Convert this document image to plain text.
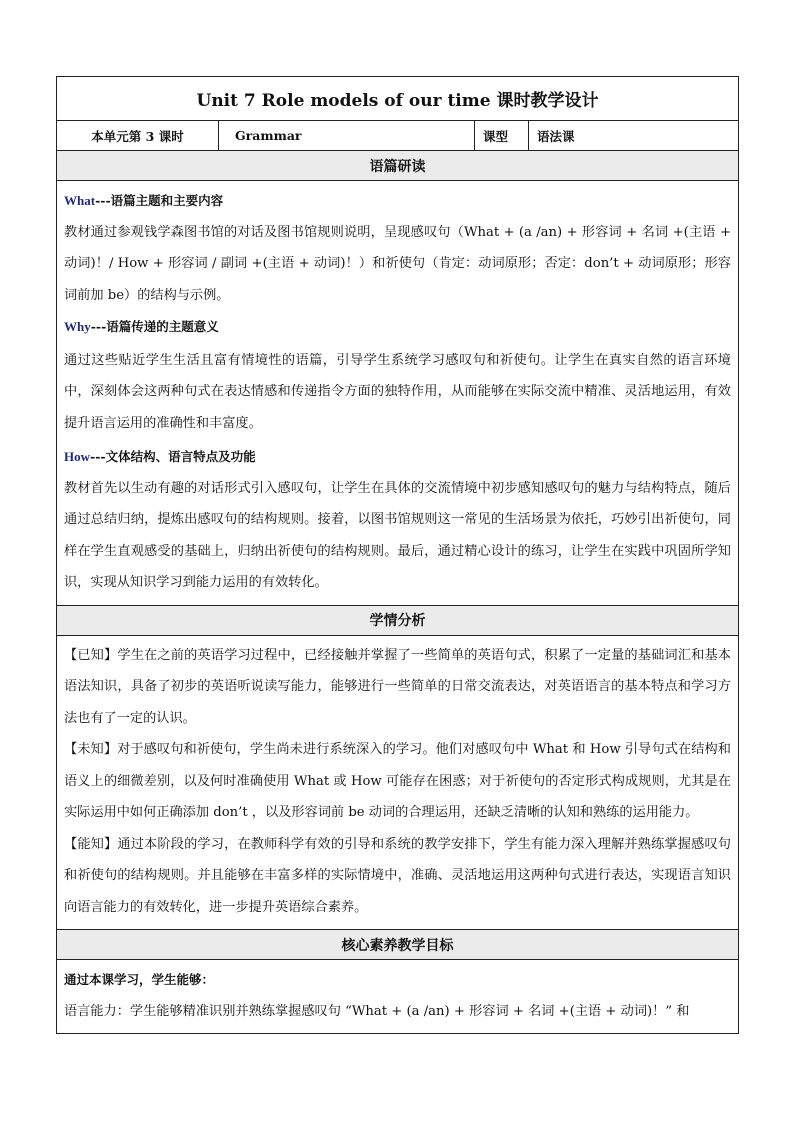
Unit 7 Role models of our time 课时教学设计
本单元第 3 课时	Grammar	课型	语法课
语篇研读

What---语篇主题和主要内容

教材通过参观钱学森图书馆的对话及图书馆规则说明，呈现感叹句（What + (a /an) + 形容词 + 名词 +(主语 + 动词)！/ How + 形容词 / 副词 +(主语 + 动词)！）和祈使句（肯定：动词原形；否定：don’t + 动词原形；形容词前加 be）的结构与示例。

Why---语篇传递的主题意义

通过这些贴近学生生活且富有情境性的语篇，引导学生系统学习感叹句和祈使句。让学生在真实自然的语言环境中，深刻体会这两种句式在表达情感和传递指令方面的独特作用，从而能够在实际交流中精准、灵活地运用，有效提升语言运用的准确性和丰富度。

How---文体结构、语言特点及功能

教材首先以生动有趣的对话形式引入感叹句，让学生在具体的交流情境中初步感知感叹句的魅力与结构特点，随后通过总结归纳，提炼出感叹句的结构规则。接着，以图书馆规则这一常见的生活场景为依托，巧妙引出祈使句，同样在学生直观感受的基础上，归纳出祈使句的结构规则。最后，通过精心设计的练习，让学生在实践中巩固所学知识，实现从知识学习到能力运用的有效转化。

学情分析

【已知】学生在之前的英语学习过程中，已经接触并掌握了一些简单的英语句式，积累了一定量的基础词汇和基本语法知识，具备了初步的英语听说读写能力，能够进行一些简单的日常交流表达，对英语语言的基本特点和学习方法也有了一定的认识。

【未知】对于感叹句和祈使句，学生尚未进行系统深入的学习。他们对感叹句中 What 和 How 引导句式在结构和语义上的细微差别，以及何时准确使用 What 或 How 可能存在困惑；对于祈使句的否定形式构成规则，尤其是在实际运用中如何正确添加 don’t ，以及形容词前 be 动词的合理运用，还缺乏清晰的认知和熟练的运用能力。

【能知】通过本阶段的学习，在教师科学有效的引导和系统的教学安排下，学生有能力深入理解并熟练掌握感叹句和祈使句的结构规则。并且能够在丰富多样的实际情境中，准确、灵活地运用这两种句式进行表达，实现语言知识向语言能力的有效转化，进一步提升英语综合素养。

核心素养教学目标

通过本课学习，学生能够：

语言能力：学生能够精准识别并熟练掌握感叹句 “What + (a /an) + 形容词 + 名词 +(主语 + 动词)！” 和
